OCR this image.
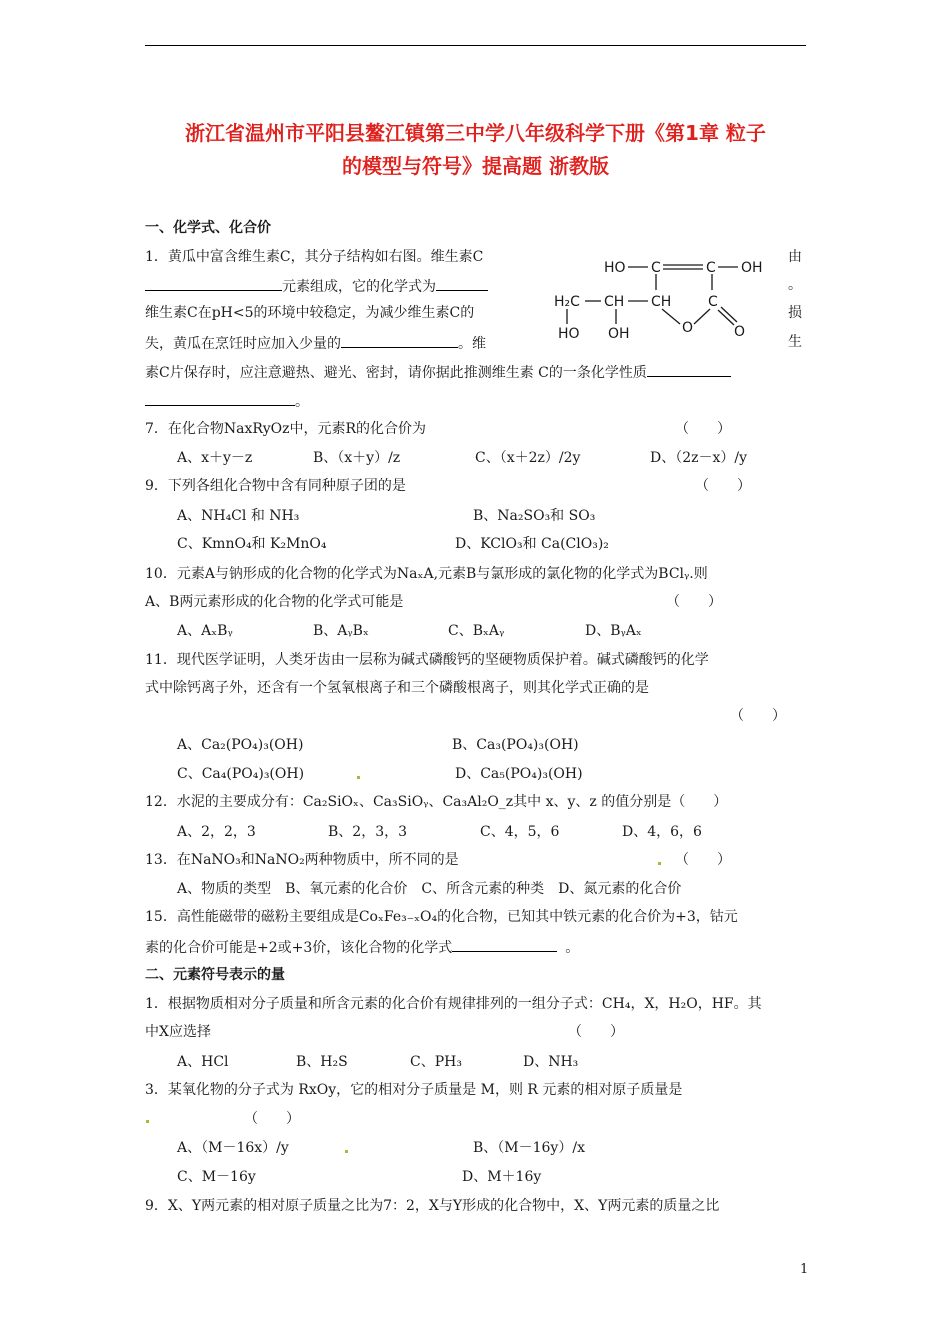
浙江省温州市平阳县鳌江镇第三中学八年级科学下册《第1章 粒子
的模型与符号》提高题 浙教版
一、化学式、化合价
1．黄瓜中富含维生素C，其分子结构如右图。维生素C	由
元素组成，它的化学式为	。
维生素C在pH<5的环境中较稳定，为减少维生素C的	损
失，黄瓜在烹饪时应加入少量的	。维	生
素C片保存时，应注意避热、避光、密封，请你据此推测维生素 C的一条化学性质
。
HO C	C OH
H₂C CH CH	C
HO OH	O	O
7．在化合物NaxRyOz中，元素R的化合价为	（　　）
A、x＋y－z	B、（x＋y）/z	C、（x＋2z）/2y	D、（2z－x）/y
9．下列各组化合物中含有同种原子团的是	（　　）
A、NH₄Cl 和 NH₃	B、Na₂SO₃和 SO₃
C、KmnO₄和 K₂MnO₄	D、KClO₃和 Ca(ClO₃)₂
10．元素A与钠形成的化合物的化学式为NaₓA,元素B与氯形成的氯化物的化学式为BClᵧ.则
A、B两元素形成的化合物的化学式可能是	（　　）
A、AₓBᵧ	B、AᵧBₓ	C、BₓAᵧ	D、BᵧAₓ
11．现代医学证明，人类牙齿由一层称为碱式磷酸钙的坚硬物质保护着。碱式磷酸钙的化学
式中除钙离子外，还含有一个氢氧根离子和三个磷酸根离子，则其化学式正确的是
（　　）
A、Ca₂(PO₄)₃(OH)	B、Ca₃(PO₄)₃(OH)
C、Ca₄(PO₄)₃(OH)	D、Ca₅(PO₄)₃(OH)
12．水泥的主要成分有：Ca₂SiOₓ、Ca₃SiOᵧ、Ca₃Al₂O_z其中 x、y、z 的值分别是（　　）
A、2，2，3	B、2，3，3	C、4，5，6	D、4，6，6
13．在NaNO₃和NaNO₂两种物质中，所不同的是	（　　）
A、物质的类型　B、氧元素的化合价　C、所含元素的种类　D、氮元素的化合价
15．高性能磁带的磁粉主要组成是CoₓFe₃₋ₓO₄的化合物，已知其中铁元素的化合价为+3，钴元
素的化合价可能是+2或+3价，该化合物的化学式	。
二、元素符号表示的量
1．根据物质相对分子质量和所含元素的化合价有规律排列的一组分子式：CH₄，X，H₂O，HF。其
中X应选择	（　　）
A、HCl	B、H₂S	C、PH₃	D、NH₃
3．某氧化物的分子式为 RxOy，它的相对分子质量是 M，则 R 元素的相对原子质量是
（　　）
A、（M－16x）/y	B、（M－16y）/x
C、M－16y	D、M＋16y
9．X、Y两元素的相对原子质量之比为7：2，X与Y形成的化合物中，X、Y两元素的质量之比
1
